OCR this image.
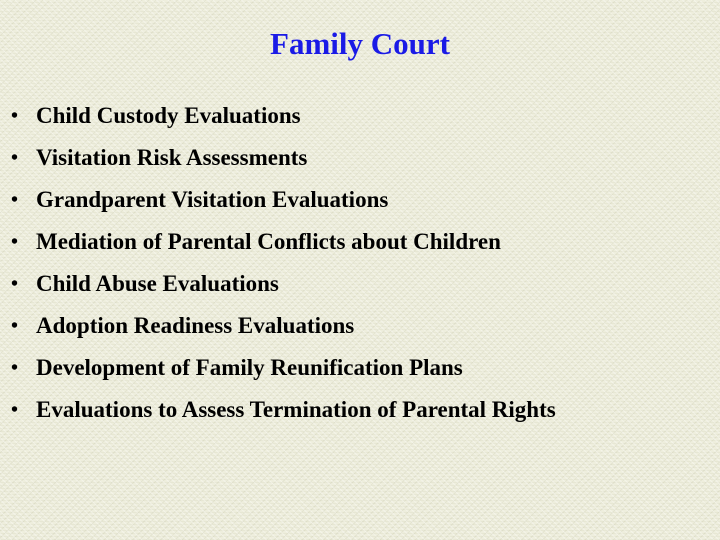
Family Court
• Child Custody Evaluations
• Visitation Risk Assessments
• Grandparent Visitation Evaluations
• Mediation of Parental Conflicts about Children
• Child Abuse Evaluations
• Adoption Readiness Evaluations
• Development of Family Reunification Plans
• Evaluations to Assess Termination of Parental Rights
